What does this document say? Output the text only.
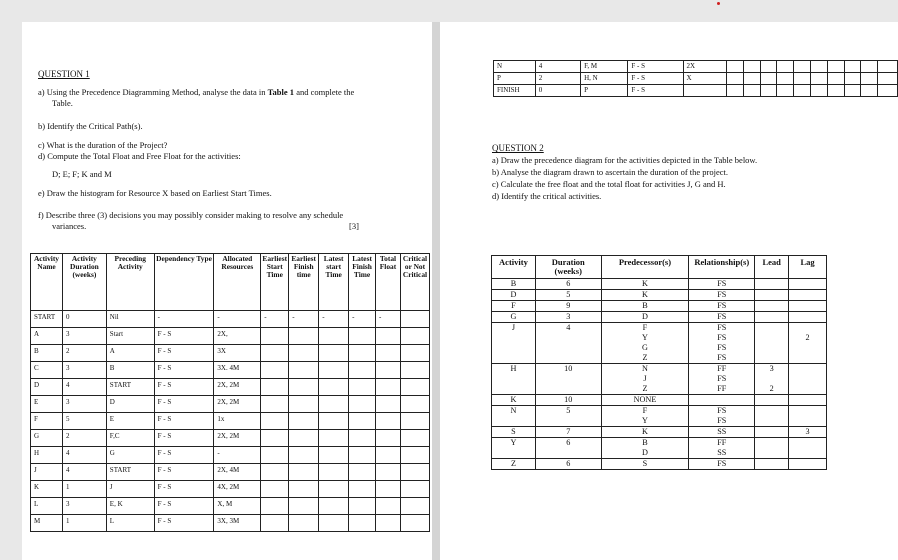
QUESTION 1
a) Using the Precedence Diagramming Method, analyse the data in Table 1 and complete the
Table.
b) Identify the Critical Path(s).
c) What is the duration of the Project?
d) Compute the Total Float and Free Float for the activities:
D; E; F; K and M
e) Draw the histogram for Resource X based on Earliest Start Times.
f) Describe three (3) decisions you may possibly consider making to resolve any schedule
variances.	[3]
Activity Name	Activity Duration (weeks)	Preceding Activity	Dependency Type	Allocated Resources	Earliest Start Time	Earliest Finish time	Latest start Time	Latest Finish Time	Total Float	Critical or Not Critical
START	0	Nil	-	-	-	-	-	-	-	
A	3	Start	F - S	2X,						
B	2	A	F - S	3X						
C	3	B	F - S	3X. 4M						
D	4	START	F - S	2X, 2M						
E	3	D	F - S	2X, 2M						
F	5	E	F - S	1x						
G	2	F,C	F - S	2X, 2M						
H	4	G	F - S	-						
J	4	START	F - S	2X, 4M						
K	1	J	F - S	4X, 2M						
L	3	E, K	F - S	X, M						
M	1	L	F - S	3X, 3M						
N	4	F, M	F - S	2X										
P	2	H, N	F - S	X										
FINISH	0	P	F - S											
QUESTION 2
a) Draw the precedence diagram for the activities depicted in the Table below.
b) Analyse the diagram drawn to ascertain the duration of the project.
c) Calculate the free float and the total float for activities J, G and H.
d) Identify the critical activities.
Activity	Duration (weeks)	Predecessor(s)	Relationship(s)	Lead	Lag
B	6	K	FS		
D	5	K	FS		
F	9	B	FS		
G	3	D	FS		
J	4	F	FS		
		Y	FS		2
		G	FS		
		Z	FS		
H	10	N	FF	3	
		J	FS		
		Z	FF	2	
K	10	NONE			
N	5	F	FS		
		Y	FS		
S	7	K	SS		3
Y	6	B	FF		
		D	SS		
Z	6	S	FS		
